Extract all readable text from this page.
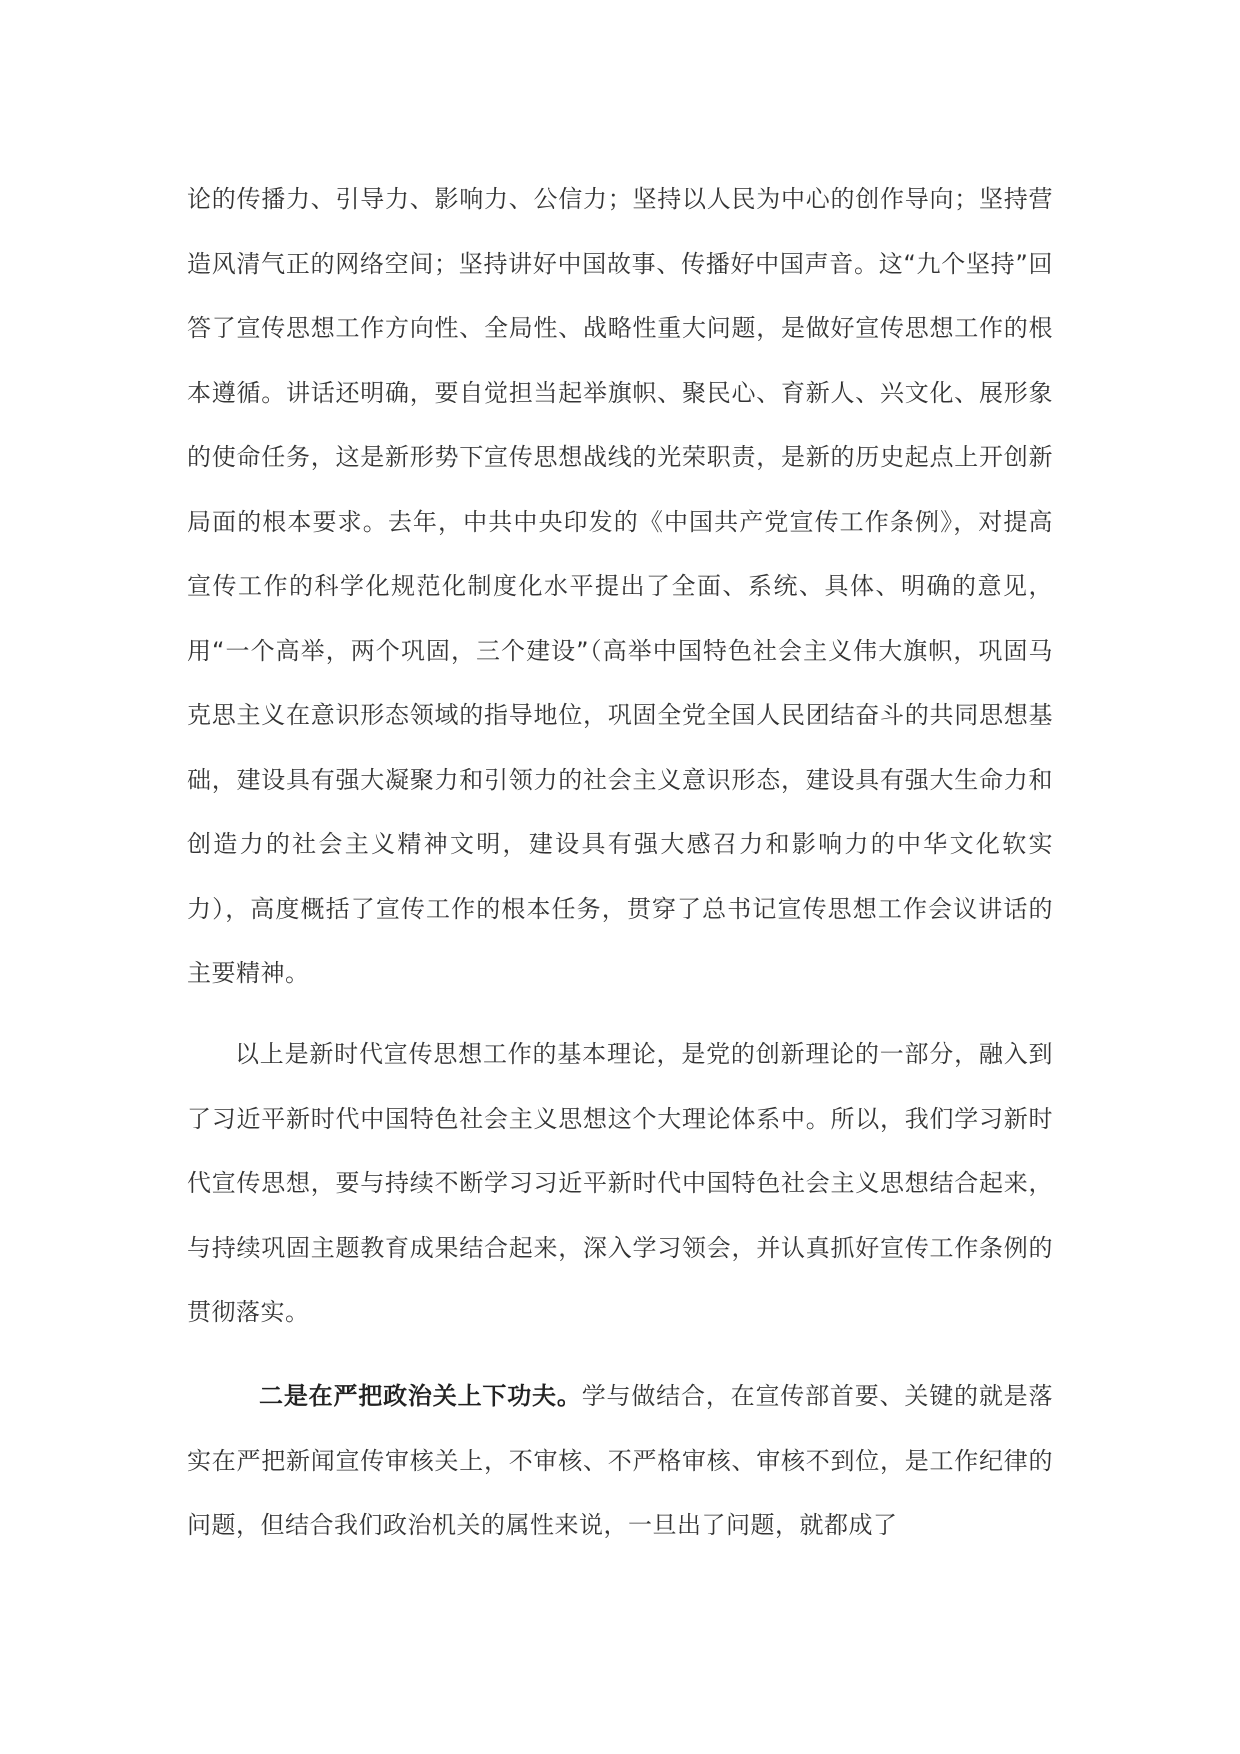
论的传播力、引导力、影响力、公信力；坚持以人民为中心的创作导向；坚持营造风清气正的网络空间；坚持讲好中国故事、传播好中国声音。这“九个坚持”回答了宣传思想工作方向性、全局性、战略性重大问题，是做好宣传思想工作的根本遵循。讲话还明确，要自觉担当起举旗帜、聚民心、育新人、兴文化、展形象的使命任务，这是新形势下宣传思想战线的光荣职责，是新的历史起点上开创新局面的根本要求。去年，中共中央印发的《中国共产党宣传工作条例》，对提高宣传工作的科学化规范化制度化水平提出了全面、系统、具体、明确的意见，用“一个高举，两个巩固，三个建设”（高举中国特色社会主义伟大旗帜，巩固马克思主义在意识形态领域的指导地位，巩固全党全国人民团结奋斗的共同思想基础，建设具有强大凝聚力和引领力的社会主义意识形态，建设具有强大生命力和创造力的社会主义精神文明，建设具有强大感召力和影响力的中华文化软实力），高度概括了宣传工作的根本任务，贯穿了总书记宣传思想工作会议讲话的主要精神。

以上是新时代宣传思想工作的基本理论，是党的创新理论的一部分，融入到了习近平新时代中国特色社会主义思想这个大理论体系中。所以，我们学习新时代宣传思想，要与持续不断学习习近平新时代中国特色社会主义思想结合起来，与持续巩固主题教育成果结合起来，深入学习领会，并认真抓好宣传工作条例的贯彻落实。

二是在严把政治关上下功夫。学与做结合，在宣传部首要、关键的就是落实在严把新闻宣传审核关上，不审核、不严格审核、审核不到位，是工作纪律的问题，但结合我们政治机关的属性来说，一旦出了问题，就都成了
